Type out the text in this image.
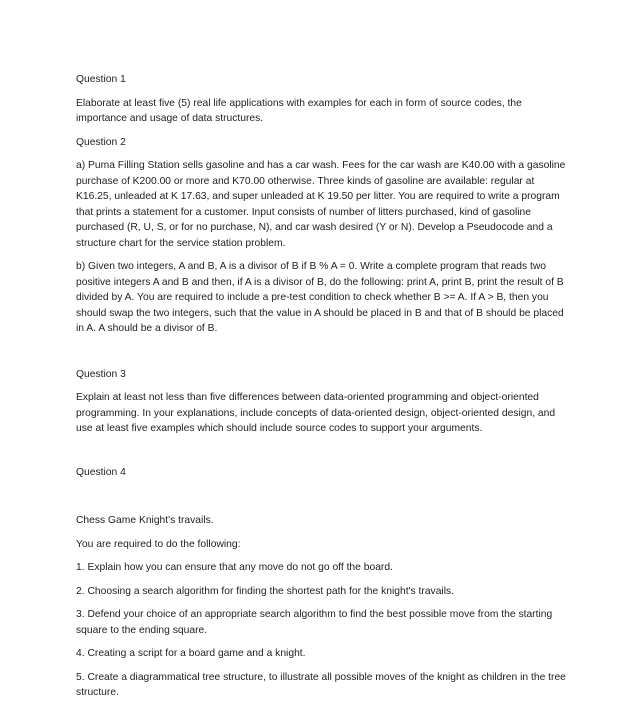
Question 1

Elaborate at least five (5) real life applications with examples for each in form of source codes, the importance and usage of data structures.

Question 2

a) Puma Filling Station sells gasoline and has a car wash. Fees for the car wash are K40.00 with a gasoline purchase of K200.00 or more and K70.00 otherwise. Three kinds of gasoline are available: regular at K16.25, unleaded at K 17.63, and super unleaded at K 19.50 per litter. You are required to write a program that prints a statement for a customer. Input consists of number of litters purchased, kind of gasoline purchased (R, U, S, or for no purchase, N), and car wash desired (Y or N). Develop a Pseudocode and a structure chart for the service station problem.

b) Given two integers, A and B, A is a divisor of B if B % A = 0. Write a complete program that reads two positive integers A and B and then, if A is a divisor of B, do the following: print A, print B, print the result of B divided by A. You are required to include a pre-test condition to check whether B >= A. If A > B, then you should swap the two integers, such that the value in A should be placed in B and that of B should be placed in A. A should be a divisor of B.

Question 3

Explain at least not less than five differences between data-oriented programming and object-oriented programming. In your explanations, include concepts of data-oriented design, object-oriented design, and use at least five examples which should include source codes to support your arguments.

Question 4

Chess Game Knight's travails.

You are required to do the following:

1. Explain how you can ensure that any move do not go off the board.

2. Choosing a search algorithm for finding the shortest path for the knight's travails.

3. Defend your choice of an appropriate search algorithm to find the best possible move from the starting square to the ending square.

4. Creating a script for a board game and a knight.

5. Create a diagrammatical tree structure, to illustrate all possible moves of the knight as children in the tree structure.
